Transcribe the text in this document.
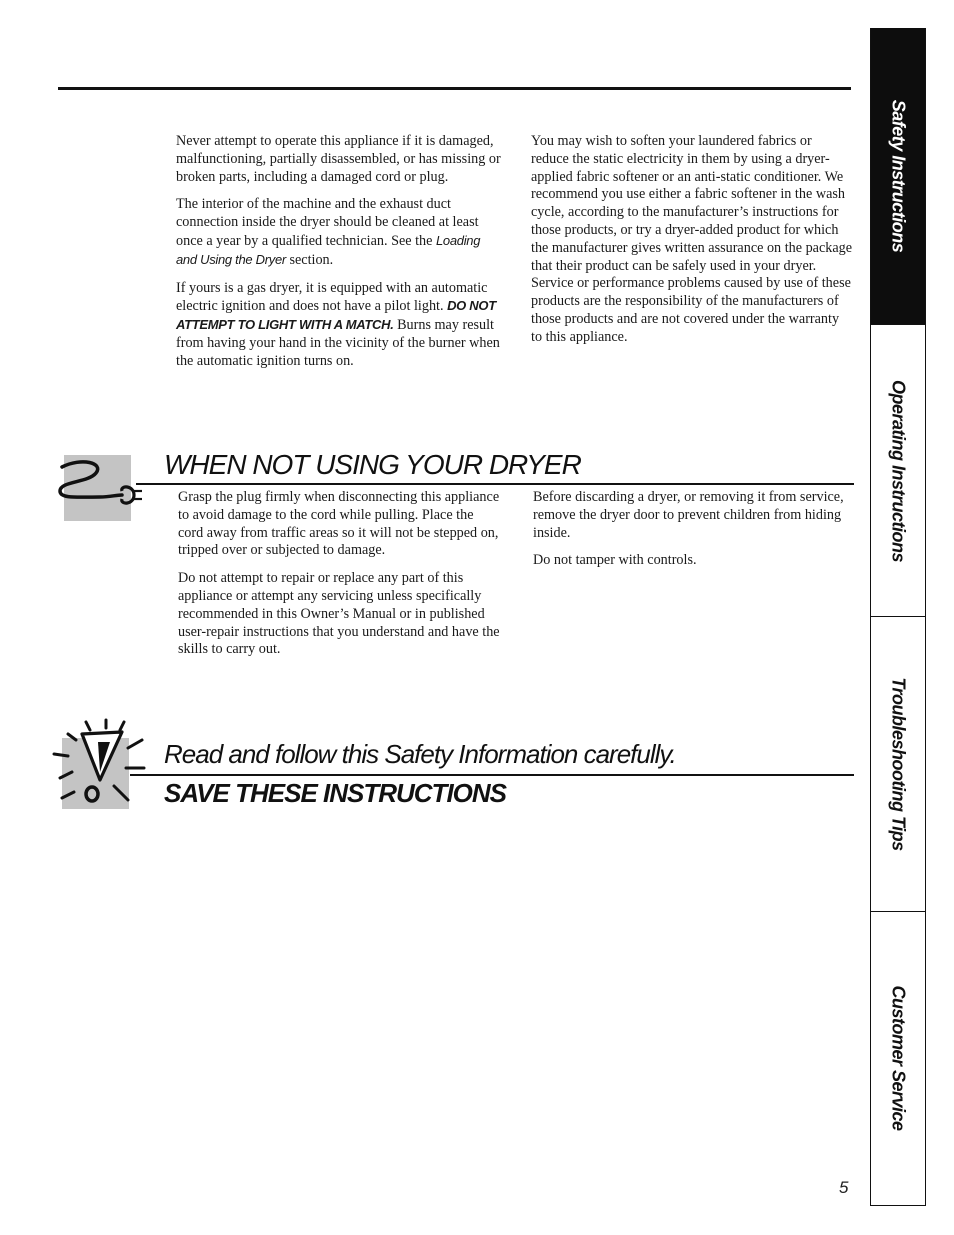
Never attempt to operate this appliance if it is damaged, malfunctioning, partially disassembled, or has missing or broken parts, including a damaged cord or plug.

The interior of the machine and the exhaust duct connection inside the dryer should be cleaned at least once a year by a qualified technician. See the Loading and Using the Dryer section.

If yours is a gas dryer, it is equipped with an automatic electric ignition and does not have a pilot light. DO NOT ATTEMPT TO LIGHT WITH A MATCH. Burns may result from having your hand in the vicinity of the burner when the automatic ignition turns on.

You may wish to soften your laundered fabrics or reduce the static electricity in them by using a dryer-applied fabric softener or an anti-static conditioner. We recommend you use either a fabric softener in the wash cycle, according to the manufacturer’s instructions for those products, or try a dryer-added product for which the manufacturer gives written assurance on the package that their product can be safely used in your dryer. Service or performance problems caused by use of these products are the responsibility of the manufacturers of those products and are not covered under the warranty to this appliance.

WHEN NOT USING YOUR DRYER

Grasp the plug firmly when disconnecting this appliance to avoid damage to the cord while pulling. Place the cord away from traffic areas so it will not be stepped on, tripped over or subjected to damage.

Do not attempt to repair or replace any part of this appliance or attempt any servicing unless specifically recommended in this Owner’s Manual or in published user-repair instructions that you understand and have the skills to carry out.

Before discarding a dryer, or removing it from service, remove the dryer door to prevent children from hiding inside.

Do not tamper with controls.

Read and follow this Safety Information carefully.
SAVE THESE INSTRUCTIONS
Safety Instructions
Operating Instructions
Troubleshooting Tips
Customer Service
5
